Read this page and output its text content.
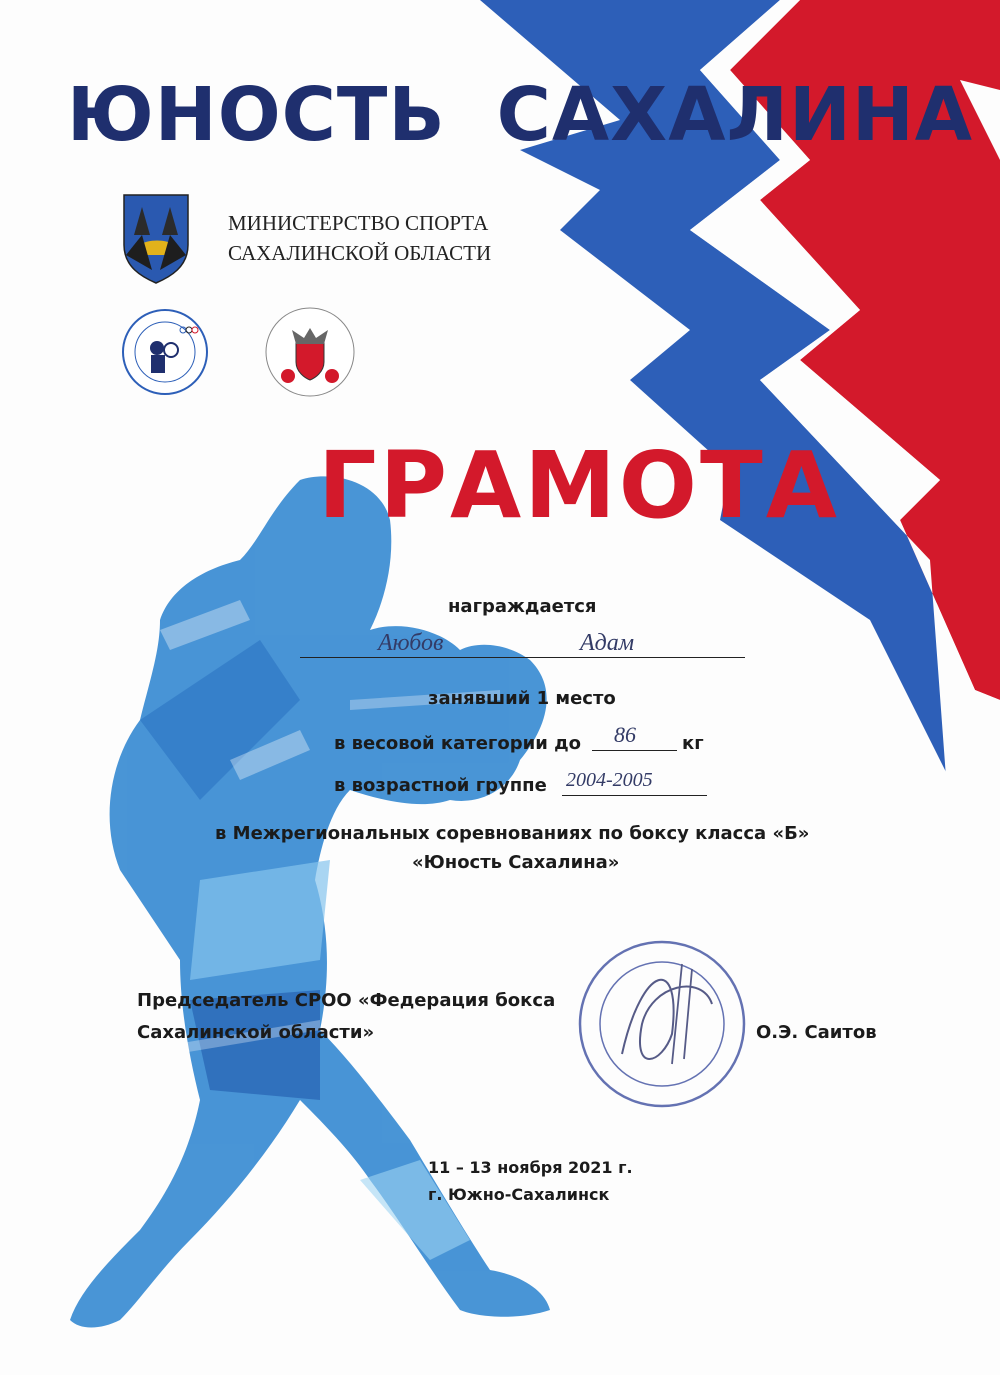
ЮНОСТЬ САХАЛИНА
МИНИСТЕРСТВО СПОРТА
САХАЛИНСКОЙ ОБЛАСТИ
ГРАМОТА
награждается
Аюбов	Адам
занявший 1 место
в весовой категории до 86	кг
в возрастной группе 2004-2005
в Межрегиональных соревнованиях по боксу класса «Б»
«Юность Сахалина»
Председатель СРОО «Федерация бокса
Сахалинской области»	О.Э. Саитов
11 – 13 ноября 2021 г.
г. Южно-Сахалинск
